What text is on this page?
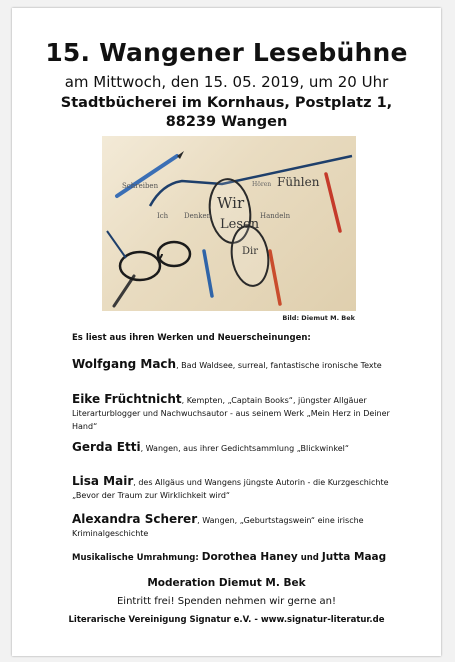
15. Wangener Lesebühne
am Mittwoch, den 15. 05. 2019, um 20 Uhr
Stadtbücherei im Kornhaus, Postplatz 1,
88239 Wangen
Schreiben
Wir
Hören Fühlen
Ich Denken
Lesen
Handeln
Dir
Bild: Diemut M. Bek
Es liest aus ihren Werken und Neuerscheinungen:
Wolfgang Mach, Bad Waldsee, surreal, fantastische ironische Texte
Eike Früchtnicht, Kempten, „Captain Books“, jüngster Allgäuer Literarturblogger und Nachwuchsautor - aus seinem Werk „Mein Herz in Deiner Hand“
Gerda Etti, Wangen, aus ihrer Gedichtsammlung „Blickwinkel“
Lisa Mair, des Allgäus und Wangens jüngste Autorin - die Kurzgeschichte „Bevor der Traum zur Wirklichkeit wird“
Alexandra Scherer, Wangen, „Geburtstagswein“ eine irische Kriminalgeschichte
Musikalische Umrahmung: Dorothea Haney und Jutta Maag
Moderation Diemut M. Bek
Eintritt frei! Spenden nehmen wir gerne an!
Literarische Vereinigung Signatur e.V. - www.signatur-literatur.de
